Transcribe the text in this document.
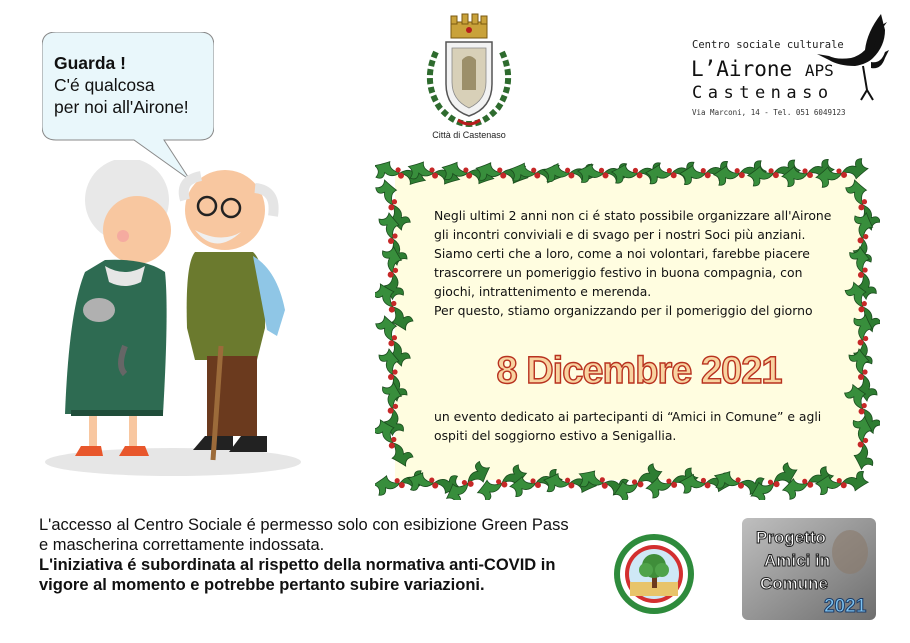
Guarda !
C'é qualcosa
per noi all'Airone!
Città di Castenaso
Centro sociale culturale
L’Airone APS
Castenaso
Via Marconi, 14 - Tel. 051 6049123
Negli ultimi 2 anni non ci é stato possibile organizzare all'Airone gli incontri conviviali e di svago per i nostri Soci più anziani.
Siamo certi che a loro, come a noi volontari, farebbe piacere trascorrere un pomeriggio festivo in buona compagnia, con giochi, intrattenimento e merenda.
Per questo, stiamo organizzando per il pomeriggio del giorno
8 Dicembre 2021
un evento dedicato ai partecipanti di “Amici in Comune” e agli ospiti del soggiorno estivo a Senigallia.
L'accesso al Centro Sociale é permesso solo con esibizione Green Pass e mascherina correttamente indossata.
L'iniziativa é subordinata al rispetto della normativa anti-COVID in vigore al momento e potrebbe pertanto subire variazioni.
Progetto
Amici in
Comune
2021
